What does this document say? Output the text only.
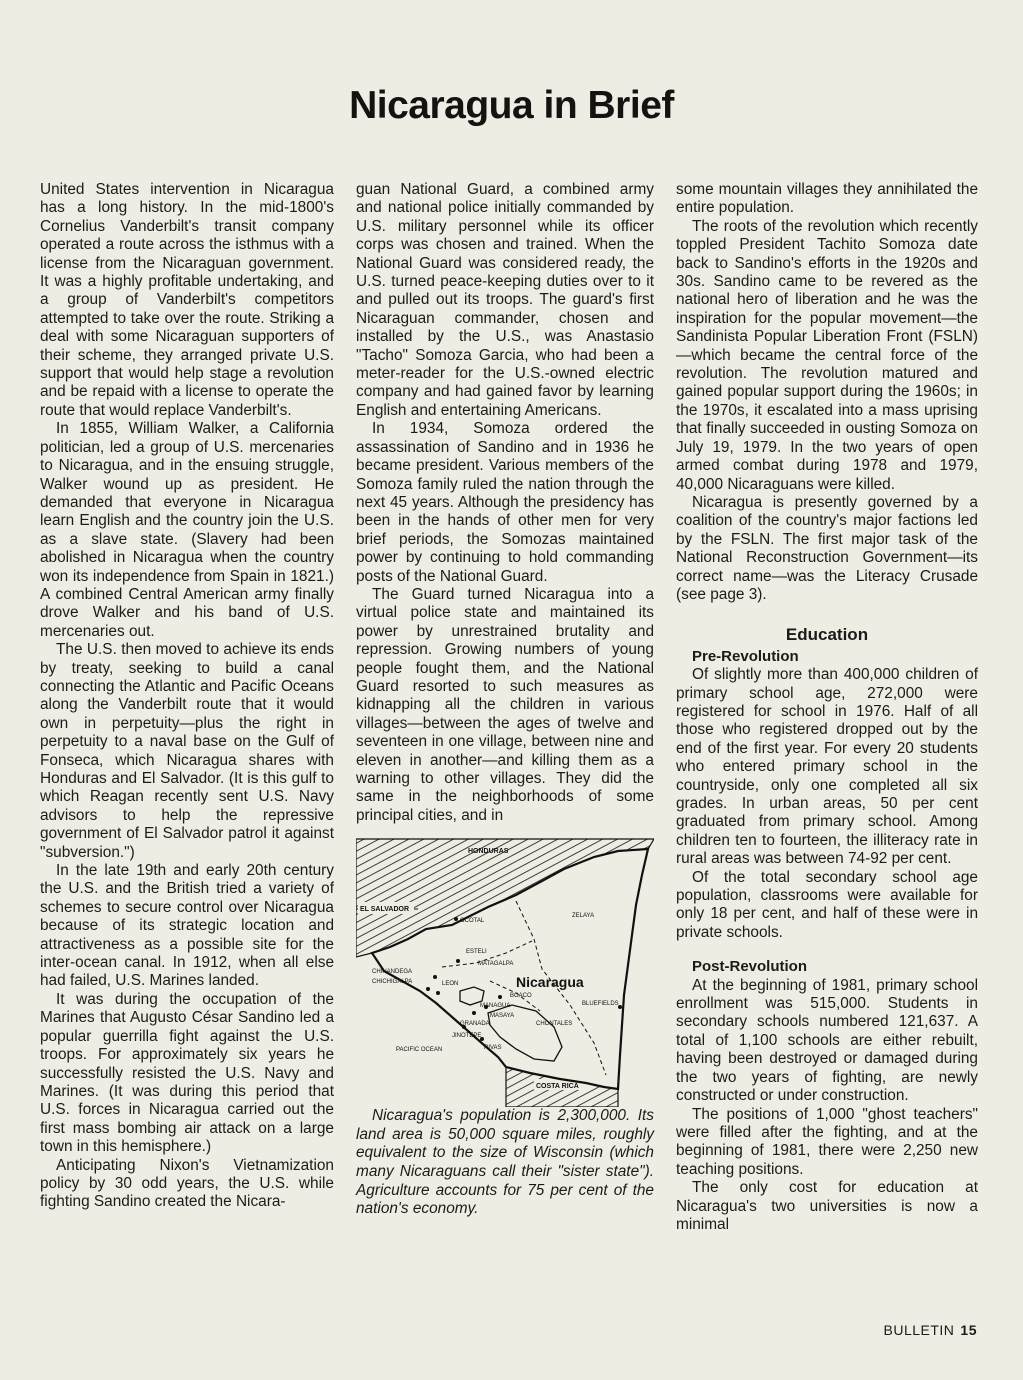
Nicaragua in Brief

United States intervention in Nicaragua has a long history. In the mid-1800's Cornelius Vanderbilt's transit company operated a route across the isthmus with a license from the Nicaraguan government. It was a highly profitable undertaking, and a group of Vanderbilt's competitors attempted to take over the route. Striking a deal with some Nicaraguan supporters of their scheme, they arranged private U.S. support that would help stage a revolution and be repaid with a license to operate the route that would replace Vanderbilt's.

In 1855, William Walker, a California politician, led a group of U.S. mercenaries to Nicaragua, and in the ensuing struggle, Walker wound up as president. He demanded that everyone in Nicaragua learn English and the country join the U.S. as a slave state. (Slavery had been abolished in Nicaragua when the country won its independence from Spain in 1821.) A combined Central American army finally drove Walker and his band of U.S. mercenaries out.

The U.S. then moved to achieve its ends by treaty, seeking to build a canal connecting the Atlantic and Pacific Oceans along the Vanderbilt route that it would own in perpetuity—plus the right in perpetuity to a naval base on the Gulf of Fonseca, which Nicaragua shares with Honduras and El Salvador. (It is this gulf to which Reagan recently sent U.S. Navy advisors to help the repressive government of El Salvador patrol it against "subversion.")

In the late 19th and early 20th century the U.S. and the British tried a variety of schemes to secure control over Nicaragua because of its strategic location and attractiveness as a possible site for the inter-ocean canal. In 1912, when all else had failed, U.S. Marines landed.

It was during the occupation of the Marines that Augusto César Sandino led a popular guerrilla fight against the U.S. troops. For approximately six years he successfully resisted the U.S. Navy and Marines. (It was during this period that U.S. forces in Nicaragua carried out the first mass bombing air attack on a large town in this hemisphere.)

Anticipating Nixon's Vietnamization policy by 30 odd years, the U.S. while fighting Sandino created the Nicara-

guan National Guard, a combined army and national police initially commanded by U.S. military personnel while its officer corps was chosen and trained. When the National Guard was considered ready, the U.S. turned peace-keeping duties over to it and pulled out its troops. The guard's first Nicaraguan commander, chosen and installed by the U.S., was Anastasio "Tacho" Somoza Garcia, who had been a meter-reader for the U.S.-owned electric company and had gained favor by learning English and entertaining Americans.

In 1934, Somoza ordered the assassination of Sandino and in 1936 he became president. Various members of the Somoza family ruled the nation through the next 45 years. Although the presidency has been in the hands of other men for very brief periods, the Somozas maintained power by continuing to hold commanding posts of the National Guard.

The Guard turned Nicaragua into a virtual police state and maintained its power by unrestrained brutality and repression. Growing numbers of young people fought them, and the National Guard resorted to such measures as kidnapping all the children in various villages—between the ages of twelve and seventeen in one village, between nine and eleven in another—and killing them as a warning to other villages. They did the same in the neighborhoods of some principal cities, and in

HONDURAS
EL SALVADOR
OCOTAL
ZELAYA
ESTELI
MATAGALPA
CHINANDEGA
CHICHIGALPA	LEON	Nicaragua
BOACO
BLUEFIELDS
MANAGUA
MASAYA
GRANADA	CHONTALES
JINOTEPE
RIVAS
PACIFIC OCEAN
COSTA RICA

Nicaragua's population is 2,300,000. Its land area is 50,000 square miles, roughly equivalent to the size of Wisconsin (which many Nicaraguans call their "sister state"). Agriculture accounts for 75 per cent of the nation's economy.

some mountain villages they annihilated the entire population.

The roots of the revolution which recently toppled President Tachito Somoza date back to Sandino's efforts in the 1920s and 30s. Sandino came to be revered as the national hero of liberation and he was the inspiration for the popular movement—the Sandinista Popular Liberation Front (FSLN)—which became the central force of the revolution. The revolution matured and gained popular support during the 1960s; in the 1970s, it escalated into a mass uprising that finally succeeded in ousting Somoza on July 19, 1979. In the two years of open armed combat during 1978 and 1979, 40,000 Nicaraguans were killed.

Nicaragua is presently governed by a coalition of the country's major factions led by the FSLN. The first major task of the National Reconstruction Government—its correct name—was the Literacy Crusade (see page 3).

Education

Pre-Revolution

Of slightly more than 400,000 children of primary school age, 272,000 were registered for school in 1976. Half of all those who registered dropped out by the end of the first year. For every 20 students who entered primary school in the countryside, only one completed all six grades. In urban areas, 50 per cent graduated from primary school. Among children ten to fourteen, the illiteracy rate in rural areas was between 74-92 per cent.

Of the total secondary school age population, classrooms were available for only 18 per cent, and half of these were in private schools.

Post-Revolution

At the beginning of 1981, primary school enrollment was 515,000. Students in secondary schools numbered 121,637. A total of 1,100 schools are either rebuilt, having been destroyed or damaged during the two years of fighting, are newly constructed or under construction.

The positions of 1,000 "ghost teachers" were filled after the fighting, and at the beginning of 1981, there were 2,250 new teaching positions.

The only cost for education at Nicaragua's two universities is now a minimal

BULLETIN 15
